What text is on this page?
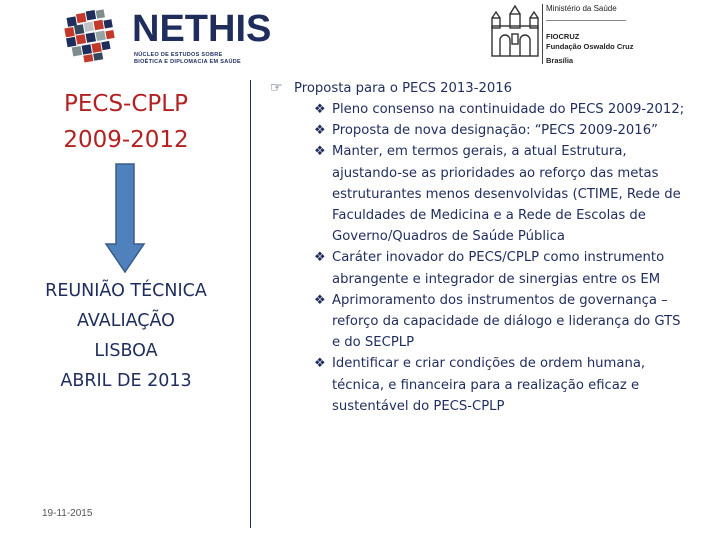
NETHIS
NÚCLEO DE ESTUDOS SOBRE
BIOÉTICA E DIPLOMACIA EM SAÚDE
Ministério da Saúde
FIOCRUZ
Fundação Oswaldo Cruz
Brasília
PECS-CPLP
2009-2012
REUNIÃO TÉCNICA
AVALIAÇÃO
LISBOA
ABRIL DE 2013
19-11-2015
☞ Proposta para o PECS 2013-2016
❖ Pleno consenso na continuidade do PECS 2009-2012;
❖ Proposta de nova designação: “PECS 2009-2016”
❖ Manter, em termos gerais, a atual Estrutura, ajustando-se as prioridades ao reforço das metas estruturantes menos desenvolvidas (CTIME, Rede de Faculdades de Medicina e a Rede de Escolas de Governo/Quadros de Saúde Pública
❖ Caráter inovador do PECS/CPLP como instrumento abrangente e integrador de sinergias entre os EM
❖ Aprimoramento dos instrumentos de governança – reforço da capacidade de diálogo e liderança do GTS e do SECPLP
❖ Identificar e criar condições de ordem humana, técnica, e financeira para a realização eficaz e sustentável do PECS-CPLP
